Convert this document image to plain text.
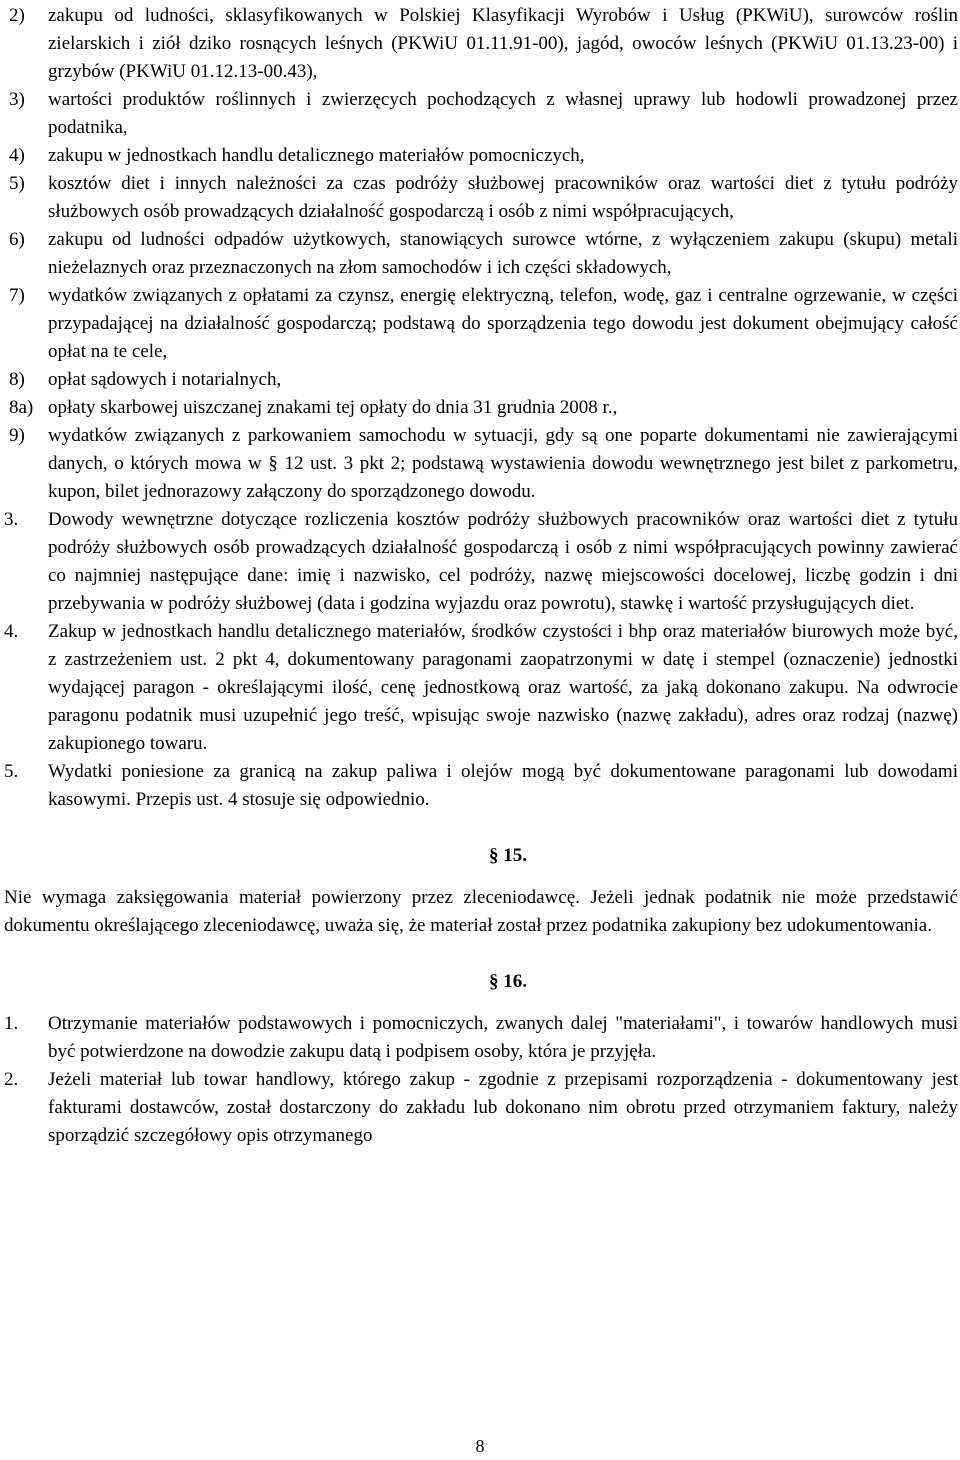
2)	zakupu od ludności, sklasyfikowanych w Polskiej Klasyfikacji Wyrobów i Usług (PKWiU), surowców roślin zielarskich i ziół dziko rosnących leśnych (PKWiU 01.11.91-00), jagód, owoców leśnych (PKWiU 01.13.23-00) i grzybów (PKWiU 01.12.13-00.43),
3)	wartości produktów roślinnych i zwierzęcych pochodzących z własnej uprawy lub hodowli prowadzonej przez podatnika,
4)	zakupu w jednostkach handlu detalicznego materiałów pomocniczych,
5)	kosztów diet i innych należności za czas podróży służbowej pracowników oraz wartości diet z tytułu podróży służbowych osób prowadzących działalność gospodarczą i osób z nimi współpracujących,
6)	zakupu od ludności odpadów użytkowych, stanowiących surowce wtórne, z wyłączeniem zakupu (skupu) metali nieżelaznych oraz przeznaczonych na złom samochodów i ich części składowych,
7)	wydatków związanych z opłatami za czynsz, energię elektryczną, telefon, wodę, gaz i centralne ogrzewanie, w części przypadającej na działalność gospodarczą; podstawą do sporządzenia tego dowodu jest dokument obejmujący całość opłat na te cele,
8)	opłat sądowych i notarialnych,
8a) opłaty skarbowej uiszczanej znakami tej opłaty do dnia 31 grudnia 2008 r.,
9)	wydatków związanych z parkowaniem samochodu w sytuacji, gdy są one poparte dokumentami nie zawierającymi danych, o których mowa w § 12 ust. 3 pkt 2; podstawą wystawienia dowodu wewnętrznego jest bilet z parkometru, kupon, bilet jednorazowy załączony do sporządzonego dowodu.
3.	Dowody wewnętrzne dotyczące rozliczenia kosztów podróży służbowych pracowników oraz wartości diet z tytułu podróży służbowych osób prowadzących działalność gospodarczą i osób z nimi współpracujących powinny zawierać co najmniej następujące dane: imię i nazwisko, cel podróży, nazwę miejscowości docelowej, liczbę godzin i dni przebywania w podróży służbowej (data i godzina wyjazdu oraz powrotu), stawkę i wartość przysługujących diet.
4.	Zakup w jednostkach handlu detalicznego materiałów, środków czystości i bhp oraz materiałów biurowych może być, z zastrzeżeniem ust. 2 pkt 4, dokumentowany paragonami zaopatrzonymi w datę i stempel (oznaczenie) jednostki wydającej paragon - określającymi ilość, cenę jednostkową oraz wartość, za jaką dokonano zakupu. Na odwrocie paragonu podatnik musi uzupełnić jego treść, wpisując swoje nazwisko (nazwę zakładu), adres oraz rodzaj (nazwę) zakupionego towaru.
5.	Wydatki poniesione za granicą na zakup paliwa i olejów mogą być dokumentowane paragonami lub dowodami kasowymi. Przepis ust. 4 stosuje się odpowiednio.
§ 15.
Nie wymaga zaksięgowania materiał powierzony przez zleceniodawcę. Jeżeli jednak podatnik nie może przedstawić dokumentu określającego zleceniodawcę, uważa się, że materiał został przez podatnika zakupiony bez udokumentowania.
§ 16.
1.	Otrzymanie materiałów podstawowych i pomocniczych, zwanych dalej "materiałami", i towarów handlowych musi być potwierdzone na dowodzie zakupu datą i podpisem osoby, która je przyjęła.
2.	Jeżeli materiał lub towar handlowy, którego zakup - zgodnie z przepisami rozporządzenia - dokumentowany jest fakturami dostawców, został dostarczony do zakładu lub dokonano nim obrotu przed otrzymaniem faktury, należy sporządzić szczegółowy opis otrzymanego
8
